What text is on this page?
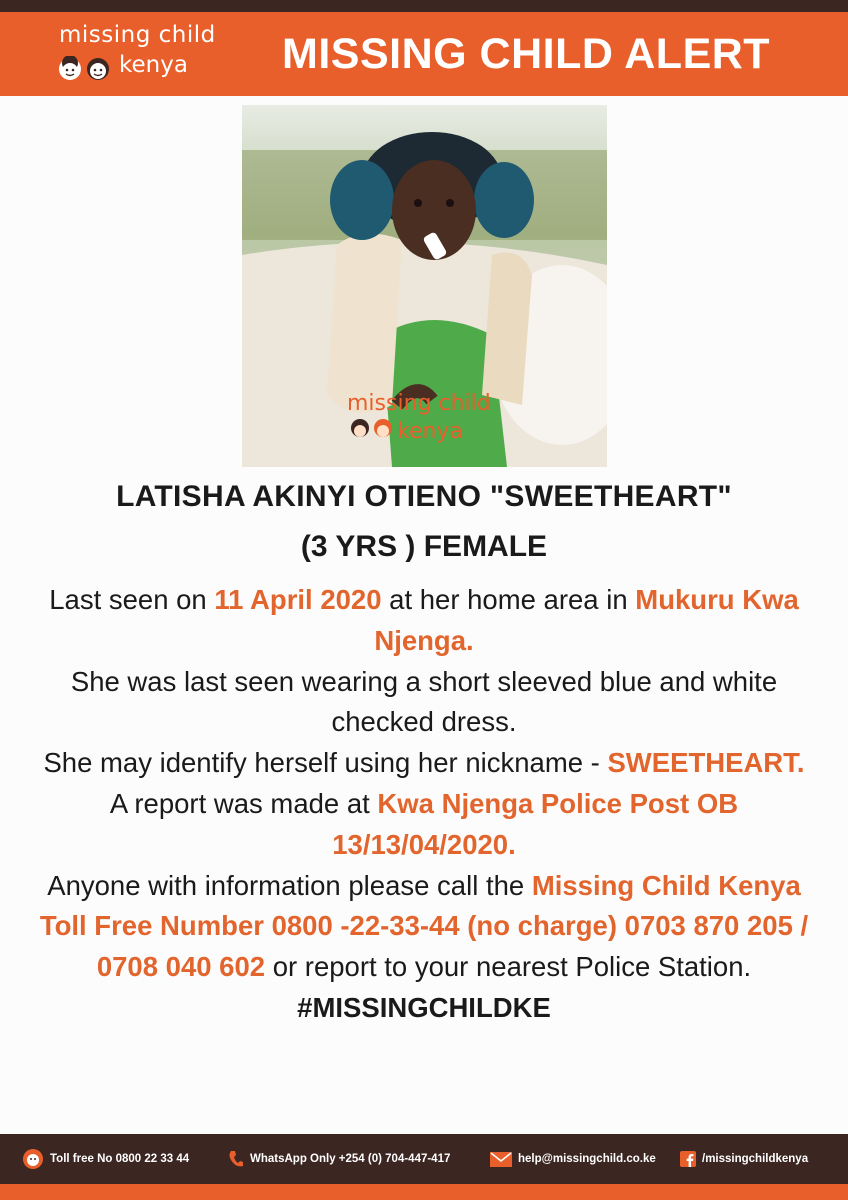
missing child
kenya MISSING CHILD ALERT
missing child
kenya
LATISHA AKINYI OTIENO "SWEETHEART"
(3 YRS ) FEMALE

Last seen on 11 April 2020 at her home area in Mukuru Kwa Njenga.

She was last seen wearing a short sleeved blue and white checked dress.

She may identify herself using her nickname - SWEETHEART.

A report was made at Kwa Njenga Police Post OB 13/13/04/2020.

Anyone with information please call the Missing Child Kenya Toll Free Number 0800 -22-33-44 (no charge) 0703 870 205 / 0708 040 602 or report to your nearest Police Station.

#MISSINGCHILDKE

Toll free No 0800 22 33 44	WhatsApp Only +254 (0) 704-447-417	help@missingchild.co.ke	/missingchildkenya
